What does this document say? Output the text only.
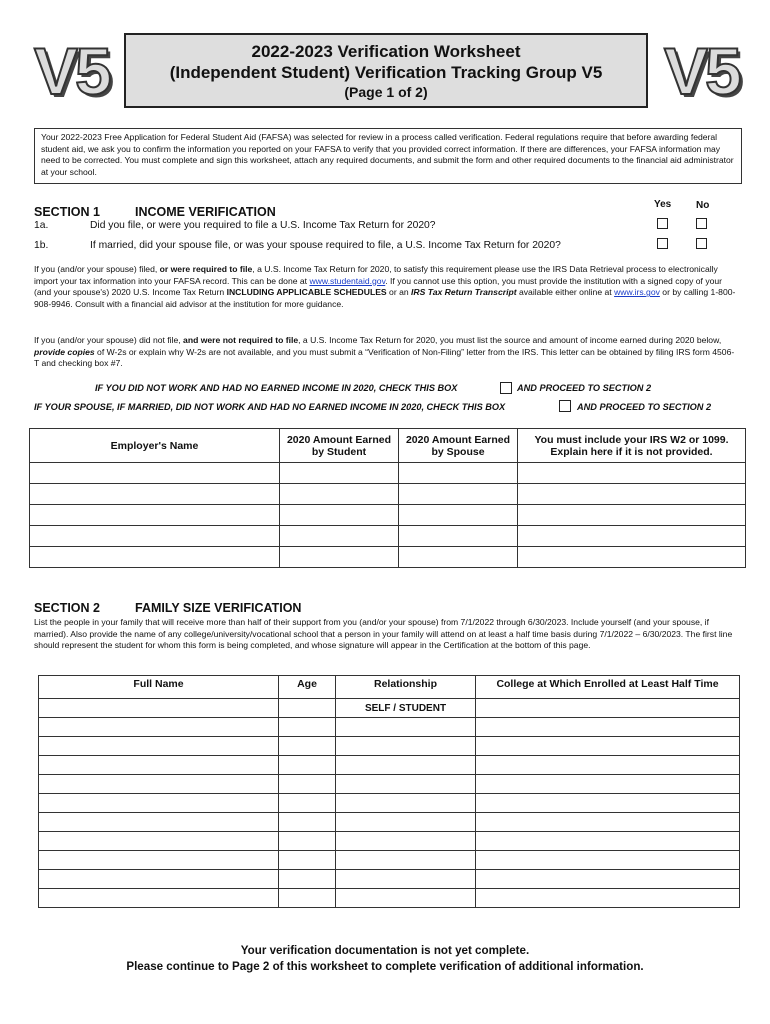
V5	V5
2022-2023 Verification Worksheet
(Independent Student) Verification Tracking Group V5
(Page 1 of 2)
Your 2022-2023 Free Application for Federal Student Aid (FAFSA) was selected for review in a process called verification. Federal regulations require that before awarding federal student aid, we ask you to confirm the information you reported on your FAFSA to verify that you provided correct information. If there are differences, your FAFSA information may need to be corrected. You must complete and sign this worksheet, attach any required documents, and submit the form and other required documents to the financial aid administrator at your school.
SECTION 1	INCOME VERIFICATION
Yes No
1a.	Did you file, or were you required to file a U.S. Income Tax Return for 2020?
1b.	If married, did your spouse file, or was your spouse required to file, a U.S. Income Tax Return for 2020?
If you (and/or your spouse) filed, or were required to file, a U.S. Income Tax Return for 2020, to satisfy this requirement please use the IRS Data Retrieval process to electronically import your tax information into your FAFSA record. This can be done at www.studentaid.gov. If you cannot use this option, you must provide the institution with a signed copy of your (and your spouse's) 2020 U.S. Income Tax Return INCLUDING APPLICABLE SCHEDULES or an IRS Tax Return Transcript available either online at www.irs.gov or by calling 1-800-908-9946. Consult with a financial aid advisor at the institution for more guidance.
If you (and/or your spouse) did not file, and were not required to file, a U.S. Income Tax Return for 2020, you must list the source and amount of income earned during 2020 below, provide copies of W-2s or explain why W-2s are not available, and you must submit a “Verification of Non-Filing” letter from the IRS. This letter can be obtained by filing IRS form 4506-T and checking box #7.
IF YOU DID NOT WORK AND HAD NO EARNED INCOME IN 2020, CHECK THIS BOX	AND PROCEED TO SECTION 2
IF YOUR SPOUSE, IF MARRIED, DID NOT WORK AND HAD NO EARNED INCOME IN 2020, CHECK THIS BOX	AND PROCEED TO SECTION 2
Employer's Name	2020 Amount Earned by Student	2020 Amount Earned by Spouse	You must include your IRS W2 or 1099. Explain here if it is not provided.

SECTION 2	FAMILY SIZE VERIFICATION
List the people in your family that will receive more than half of their support from you (and/or your spouse) from 7/1/2022 through 6/30/2023. Include yourself (and your spouse, if married). Also provide the name of any college/university/vocational school that a person in your family will attend on at least a half time basis during 7/1/2022 – 6/30/2023. The first line should represent the student for whom this form is being completed, and whose signature will appear in the Certification at the bottom of this page.
Full Name	Age	Relationship	College at Which Enrolled at Least Half Time
		SELF / STUDENT	

Your verification documentation is not yet complete.
Please continue to Page 2 of this worksheet to complete verification of additional information.
